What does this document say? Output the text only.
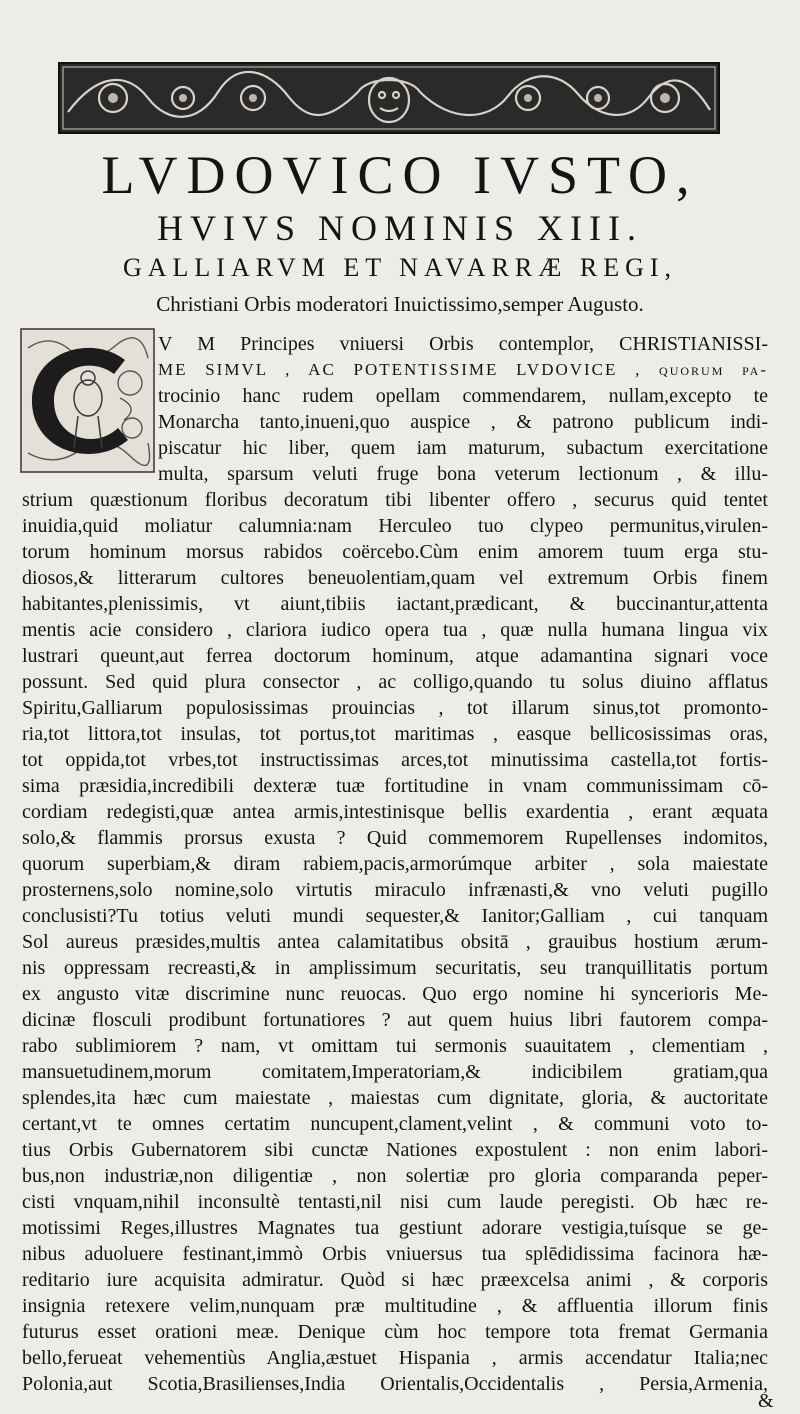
LVDOVICO IVSTO,
HVIVS NOMINIS XIII.
GALLIARVM ET NAVARRÆ REGI,
Christiani Orbis moderatori Inuictissimo,semper Augusto.
V M Principes vniuersi Orbis contemplor, CHRISTIANISSI-
ME SIMVL , AC POTENTISSIME LVDOVICE , quorum pa-
trocinio hanc rudem opellam commendarem, nullam,excepto te
Monarcha tanto,inueni,quo auspice , & patrono publicum indi-
piscatur hic liber, quem iam maturum, subactum exercitatione
multa, sparsum veluti fruge bona veterum lectionum , & illu-
strium quæstionum floribus decoratum tibi libenter offero , securus quid tentet
inuidia,quid moliatur calumnia:nam Herculeo tuo clypeo permunitus,virulen-
torum hominum morsus rabidos coërcebo.Cùm enim amorem tuum erga stu-
diosos,& litterarum cultores beneuolentiam,quam vel extremum Orbis finem
habitantes,plenissimis, vt aiunt,tibiis iactant,prædicant, & buccinantur,attenta
mentis acie considero , clariora iudico opera tua , quæ nulla humana lingua vix
lustrari queunt,aut ferrea doctorum hominum, atque adamantina signari voce
possunt. Sed quid plura consector , ac colligo,quando tu solus diuino afflatus
Spiritu,Galliarum populosissimas prouincias , tot illarum sinus,tot promonto-
ria,tot littora,tot insulas, tot portus,tot maritimas , easque bellicosissimas oras,
tot oppida,tot vrbes,tot instructissimas arces,tot minutissima castella,tot fortis-
sima præsidia,incredibili dexteræ tuæ fortitudine in vnam communissimam cō-
cordiam redegisti,quæ antea armis,intestinisque bellis exardentia , erant æquata
solo,& flammis prorsus exusta ? Quid commemorem Rupellenses indomitos,
quorum superbiam,& diram rabiem,pacis,armorúmque arbiter , sola maiestate
prosternens,solo nomine,solo virtutis miraculo infrænasti,& vno veluti pugillo
conclusisti?Tu totius veluti mundi sequester,& Ianitor;Galliam , cui tanquam
Sol aureus præsides,multis antea calamitatibus obsitā , grauibus hostium ærum-
nis oppressam recreasti,& in amplissimum securitatis, seu tranquillitatis portum
ex angusto vitæ discrimine nunc reuocas. Quo ergo nomine hi syncerioris Me-
dicinæ flosculi prodibunt fortunatiores ? aut quem huius libri fautorem compa-
rabo sublimiorem ? nam, vt omittam tui sermonis suauitatem , clementiam ,
mansuetudinem,morum comitatem,Imperatoriam,& indicibilem gratiam,qua
splendes,ita hæc cum maiestate , maiestas cum dignitate, gloria, & auctoritate
certant,vt te omnes certatim nuncupent,clament,velint , & communi voto to-
tius Orbis Gubernatorem sibi cunctæ Nationes expostulent : non enim labori-
bus,non industriæ,non diligentiæ , non solertiæ pro gloria comparanda peper-
cisti vnquam,nihil inconsultè tentasti,nil nisi cum laude peregisti. Ob hæc re-
motissimi Reges,illustres Magnates tua gestiunt adorare vestigia,tuísque se ge-
nibus aduoluere festinant,immò Orbis vniuersus tua splēdidissima facinora hæ-
reditario iure acquisita admiratur. Quòd si hæc præexcelsa animi , & corporis
insignia retexere velim,nunquam præ multitudine , & affluentia illorum finis
futurus esset orationi meæ. Denique cùm hoc tempore tota fremat Germania
bello,ferueat vehementiùs Anglia,æstuet Hispania , armis accendatur Italia;nec
Polonia,aut Scotia,Brasilienses,India Orientalis,Occidentalis , Persia,Armenia,
&
